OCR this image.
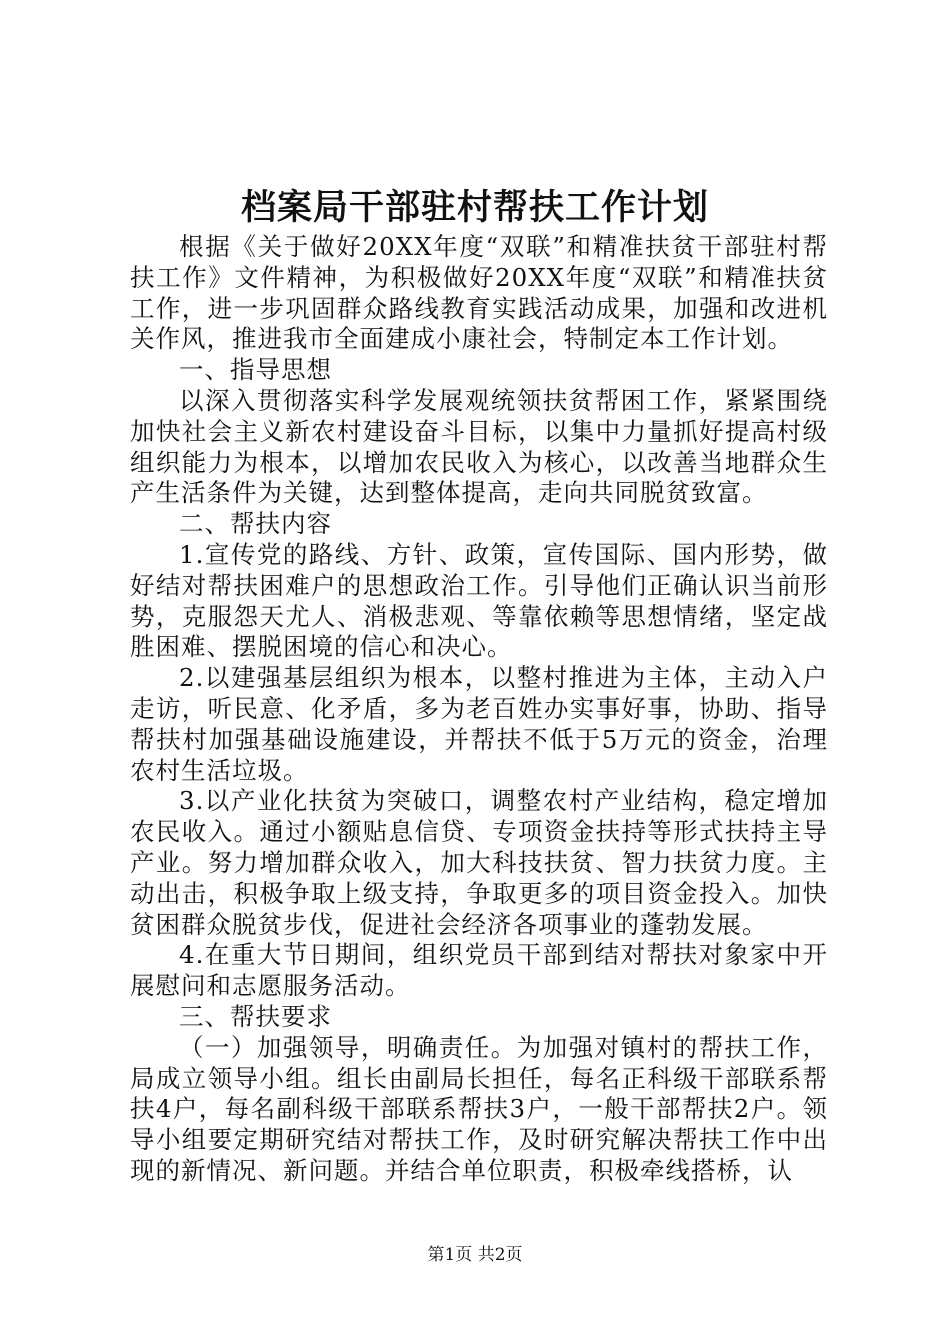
档案局干部驻村帮扶工作计划

根据《关于做好20XX年度“双联”和精准扶贫干部驻村帮扶工作》文件精神，为积极做好20XX年度“双联”和精准扶贫工作，进一步巩固群众路线教育实践活动成果，加强和改进机关作风，推进我市全面建成小康社会，特制定本工作计划。

一、指导思想

以深入贯彻落实科学发展观统领扶贫帮困工作，紧紧围绕加快社会主义新农村建设奋斗目标，以集中力量抓好提高村级组织能力为根本，以增加农民收入为核心，以改善当地群众生产生活条件为关键，达到整体提高，走向共同脱贫致富。

二、帮扶内容

1.宣传党的路线、方针、政策，宣传国际、国内形势，做好结对帮扶困难户的思想政治工作。引导他们正确认识当前形势，克服怨天尤人、消极悲观、等靠依赖等思想情绪，坚定战胜困难、摆脱困境的信心和决心。

2.以建强基层组织为根本，以整村推进为主体，主动入户走访，听民意、化矛盾，多为老百姓办实事好事，协助、指导帮扶村加强基础设施建设，并帮扶不低于5万元的资金，治理农村生活垃圾。

3.以产业化扶贫为突破口，调整农村产业结构，稳定增加农民收入。通过小额贴息信贷、专项资金扶持等形式扶持主导产业。努力增加群众收入，加大科技扶贫、智力扶贫力度。主动出击，积极争取上级支持，争取更多的项目资金投入。加快贫困群众脱贫步伐，促进社会经济各项事业的蓬勃发展。

4.在重大节日期间，组织党员干部到结对帮扶对象家中开展慰问和志愿服务活动。

三、帮扶要求

（一）加强领导，明确责任。为加强对镇村的帮扶工作，局成立领导小组。组长由副局长担任，每名正科级干部联系帮扶4户，每名副科级干部联系帮扶3户，一般干部帮扶2户。领导小组要定期研究结对帮扶工作，及时研究解决帮扶工作中出现的新情况、新问题。并结合单位职责，积极牵线搭桥，认

第1页 共2页
